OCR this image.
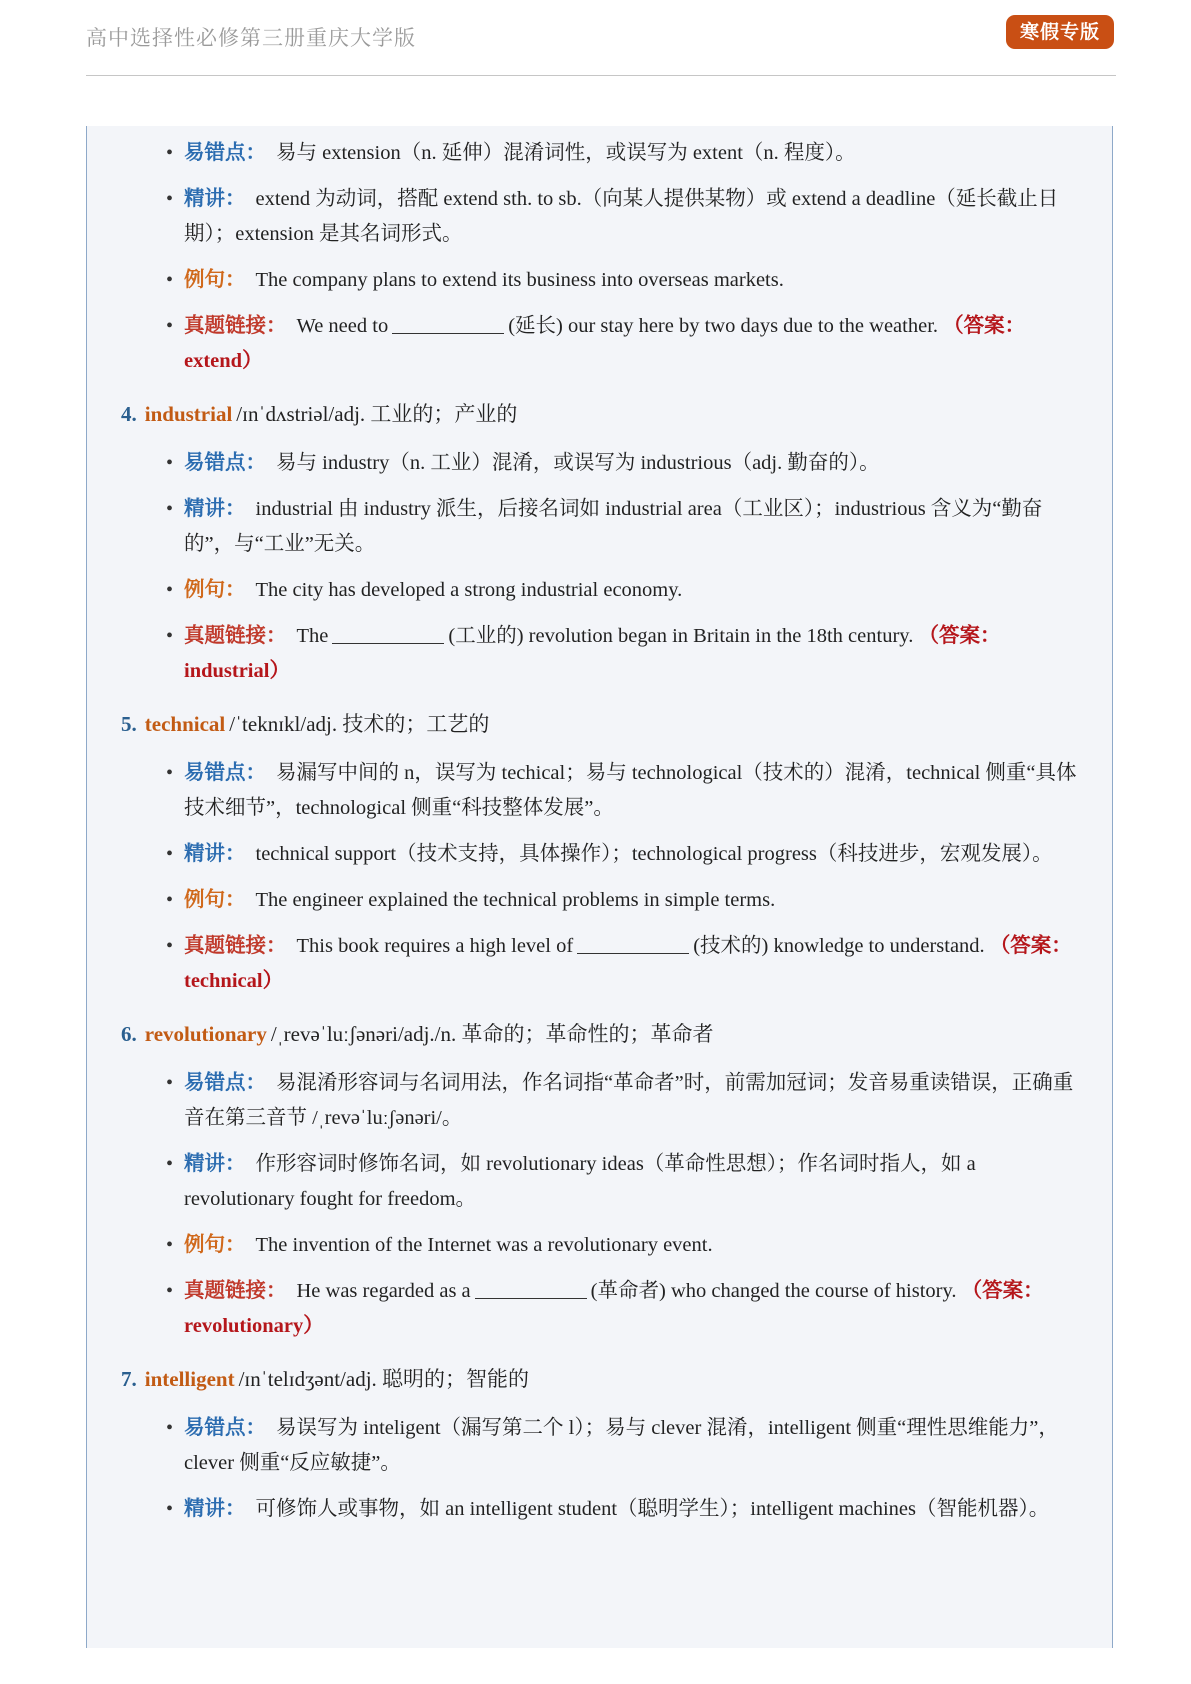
高中选择性必修第三册重庆大学版	寒假专版
• 易错点： 易与 extension（n. 延伸）混淆词性，或误写为 extent（n. 程度）。
• 精讲： extend 为动词，搭配 extend sth. to sb.（向某人提供某物）或 extend a deadline（延长截止日期）；extension 是其名词形式。
• 例句： The company plans to extend its business into overseas markets.
• 真题链接： We need to	(延长) our stay here by two days due to the weather. （答案：extend）
4. industrial /ɪnˈdʌstriəl/adj. 工业的；产业的
• 易错点： 易与 industry（n. 工业）混淆，或误写为 industrious（adj. 勤奋的）。
• 精讲： industrial 由 industry 派生，后接名词如 industrial area（工业区）；industrious 含义为“勤奋的”，与“工业”无关。
• 例句： The city has developed a strong industrial economy.
• 真题链接： The	(工业的) revolution began in Britain in the 18th century. （答案：industrial）
5. technical /ˈteknɪkl/adj. 技术的；工艺的
• 易错点： 易漏写中间的 n，误写为 techical；易与 technological（技术的）混淆，technical 侧重“具体技术细节”，technological 侧重“科技整体发展”。
• 精讲： technical support（技术支持，具体操作）；technological progress（科技进步，宏观发展）。
• 例句： The engineer explained the technical problems in simple terms.
• 真题链接： This book requires a high level of	(技术的) knowledge to understand. （答案：technical）
6. revolutionary /ˌrevəˈluːʃənəri/adj./n. 革命的；革命性的；革命者
• 易错点： 易混淆形容词与名词用法，作名词指“革命者”时，前需加冠词；发音易重读错误，正确重音在第三音节 /ˌrevəˈluːʃənəri/。
• 精讲： 作形容词时修饰名词，如 revolutionary ideas（革命性思想）；作名词时指人，如 a revolutionary fought for freedom。
• 例句： The invention of the Internet was a revolutionary event.
• 真题链接： He was regarded as a	(革命者) who changed the course of history. （答案：revolutionary）
7. intelligent /ɪnˈtelɪdʒənt/adj. 聪明的；智能的
• 易错点： 易误写为 inteligent（漏写第二个 l）；易与 clever 混淆，intelligent 侧重“理性思维能力”，clever 侧重“反应敏捷”。
• 精讲： 可修饰人或事物，如 an intelligent student（聪明学生）；intelligent machines（智能机器）。
